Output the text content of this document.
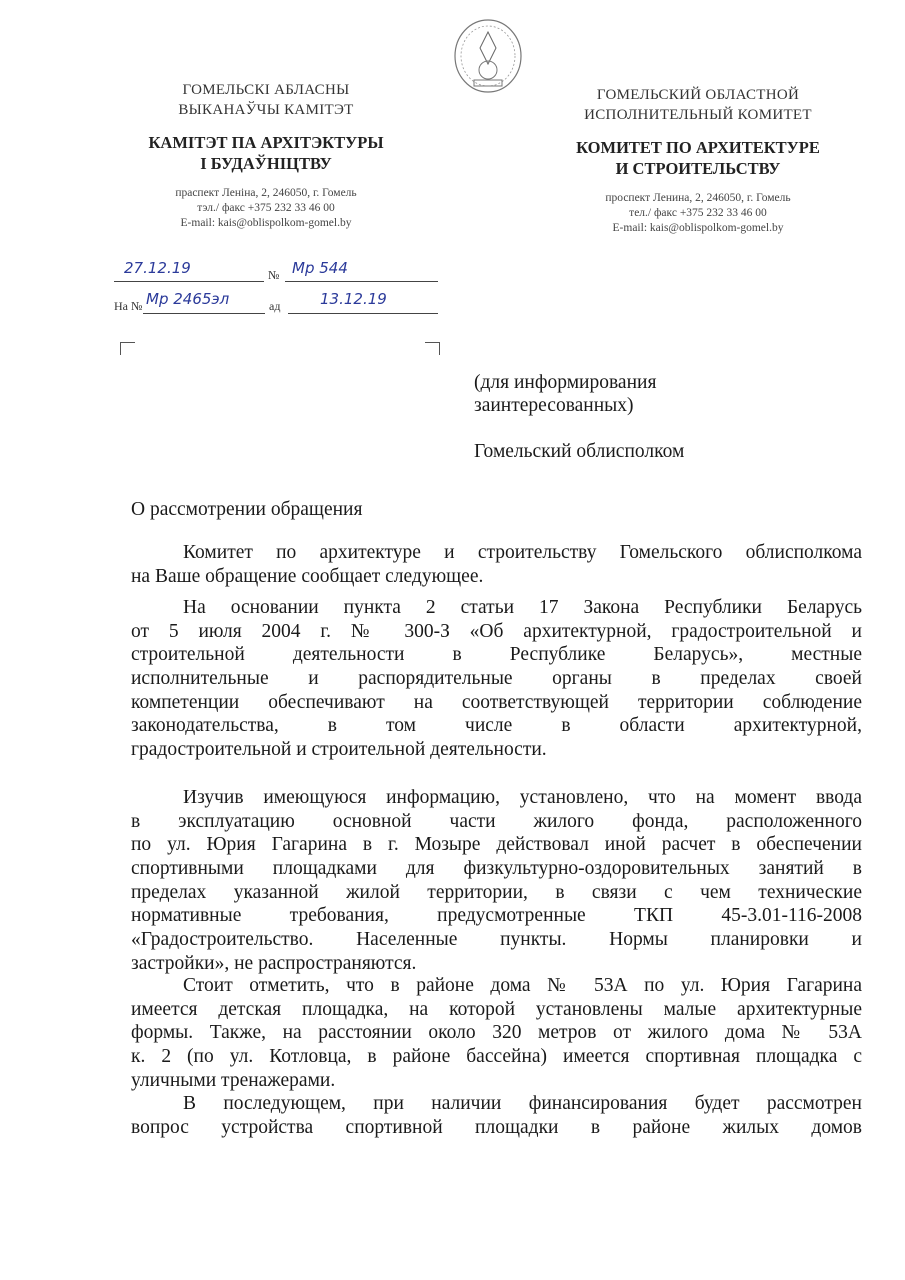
ГОМЕЛЬСКІ АБЛАСНЫ
ВЫКАНАЎЧЫ КАМІТЭТ
КАМІТЭТ ПА АРХІТЭКТУРЫ
І БУДАЎНІЦТВУ
праспект Леніна, 2, 246050, г. Гомель
тэл./ факс +375 232 33 46 00
E-mail: kais@oblispolkom-gomel.by
ГОМЕЛЬСКИЙ ОБЛАСТНОЙ
ИСПОЛНИТЕЛЬНЫЙ КОМИТЕТ
КОМИТЕТ ПО АРХИТЕКТУРЕ
И СТРОИТЕЛЬСТВУ
проспект Ленина, 2, 246050, г. Гомель
тел./ факс +375 232 33 46 00
E-mail: kais@oblispolkom-gomel.by
27.12.19	№ Мр 544
На № Мр 2465эл	ад	13.12.19
(для информирования
заинтересованных)
Гомельский облисполком
О рассмотрении обращения
Комитет по архитектуре и строительству Гомельского облисполкома
на Ваше обращение сообщает следующее.
На основании пункта 2 статьи 17 Закона Республики Беларусь
от 5 июля 2004 г. № 300-З «Об архитектурной, градостроительной и
строительной деятельности в Республике Беларусь», местные
исполнительные и распорядительные органы в пределах своей
компетенции обеспечивают на соответствующей территории соблюдение
законодательства, в том числе в области архитектурной,
градостроительной и строительной деятельности.
Изучив имеющуюся информацию, установлено, что на момент ввода
в эксплуатацию основной части жилого фонда, расположенного
по ул. Юрия Гагарина в г. Мозыре действовал иной расчет в обеспечении
спортивными площадками для физкультурно-оздоровительных занятий в
пределах указанной жилой территории, в связи с чем технические
нормативные требования, предусмотренные ТКП 45-3.01-116-2008
«Градостроительство. Населенные пункты. Нормы планировки и
застройки», не распространяются.
Стоит отметить, что в районе дома № 53А по ул. Юрия Гагарина
имеется детская площадка, на которой установлены малые архитектурные
формы. Также, на расстоянии около 320 метров от жилого дома № 53А
к. 2 (по ул. Котловца, в районе бассейна) имеется спортивная площадка с
уличными тренажерами.
В последующем, при наличии финансирования будет рассмотрен
вопрос устройства спортивной площадки в районе жилых домов
